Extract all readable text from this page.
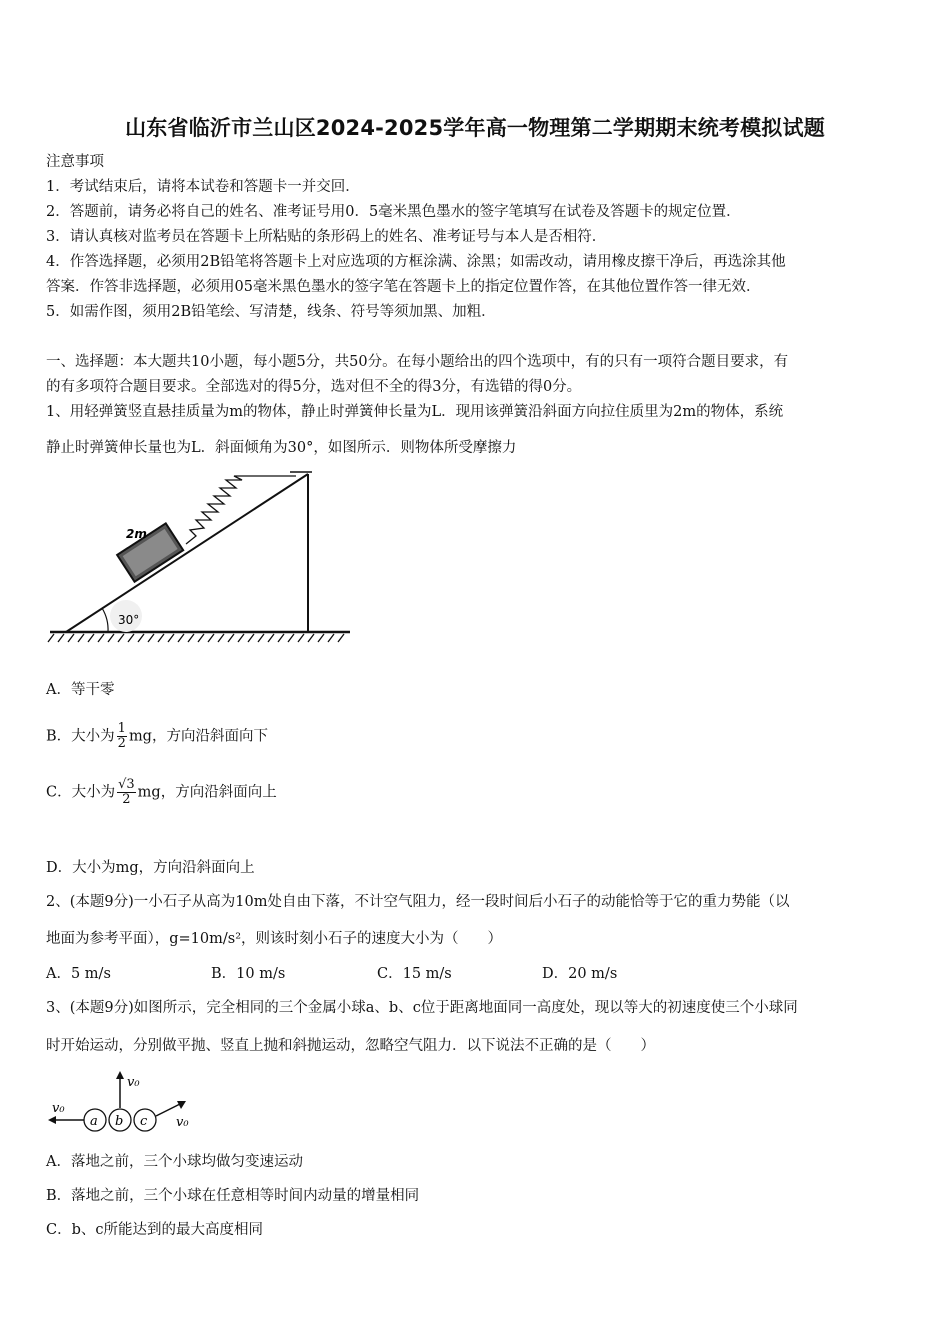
山东省临沂市兰山区2024-2025学年高一物理第二学期期末统考模拟试题
注意事项
1．考试结束后，请将本试卷和答题卡一并交回．
2．答题前，请务必将自己的姓名、准考证号用0．5毫米黑色墨水的签字笔填写在试卷及答题卡的规定位置．
3．请认真核对监考员在答题卡上所粘贴的条形码上的姓名、准考证号与本人是否相符．
4．作答选择题，必须用2B铅笔将答题卡上对应选项的方框涂满、涂黑；如需改动，请用橡皮擦干净后，再选涂其他
答案．作答非选择题，必须用05毫米黑色墨水的签字笔在答题卡上的指定位置作答，在其他位置作答一律无效．
5．如需作图，须用2B铅笔绘、写清楚，线条、符号等须加黑、加粗．
一、选择题：本大题共10小题，每小题5分，共50分。在每小题给出的四个选项中，有的只有一项符合题目要求，有
的有多项符合题目要求。全部选对的得5分，选对但不全的得3分，有选错的得0分。
1、用轻弹簧竖直悬挂质量为m的物体，静止时弹簧伸长量为L．现用该弹簧沿斜面方向拉住质里为2m的物体，系统
静止时弹簧伸长量也为L．斜面倾角为30°，如图所示．则物体所受摩擦力
2m
30°
A．等干零
B．大小为 $\frac{1}{2}$ mg，方向沿斜面向下
C．大小为 $\frac{√3}{2}$ mg，方向沿斜面向上
D．大小为mg，方向沿斜面向上
2、(本题9分)一小石子从高为10m处自由下落，不计空气阻力，经一段时间后小石子的动能恰等于它的重力势能（以
地面为参考平面），g=10m/s²，则该时刻小石子的速度大小为（　　）
A．5 m/s	B．10 m/s	C．15 m/s	D．20 m/s
3、(本题9分)如图所示，完全相同的三个金属小球a、b、c位于距离地面同一高度处，现以等大的初速度使三个小球同
时开始运动，分别做平抛、竖直上抛和斜抛运动，忽略空气阻力．以下说法不正确的是（　　）
v₀
v₀
a b c v₀
A．落地之前，三个小球均做匀变速运动
B．落地之前，三个小球在任意相等时间内动量的增量相同
C．b、c所能达到的最大高度相同
